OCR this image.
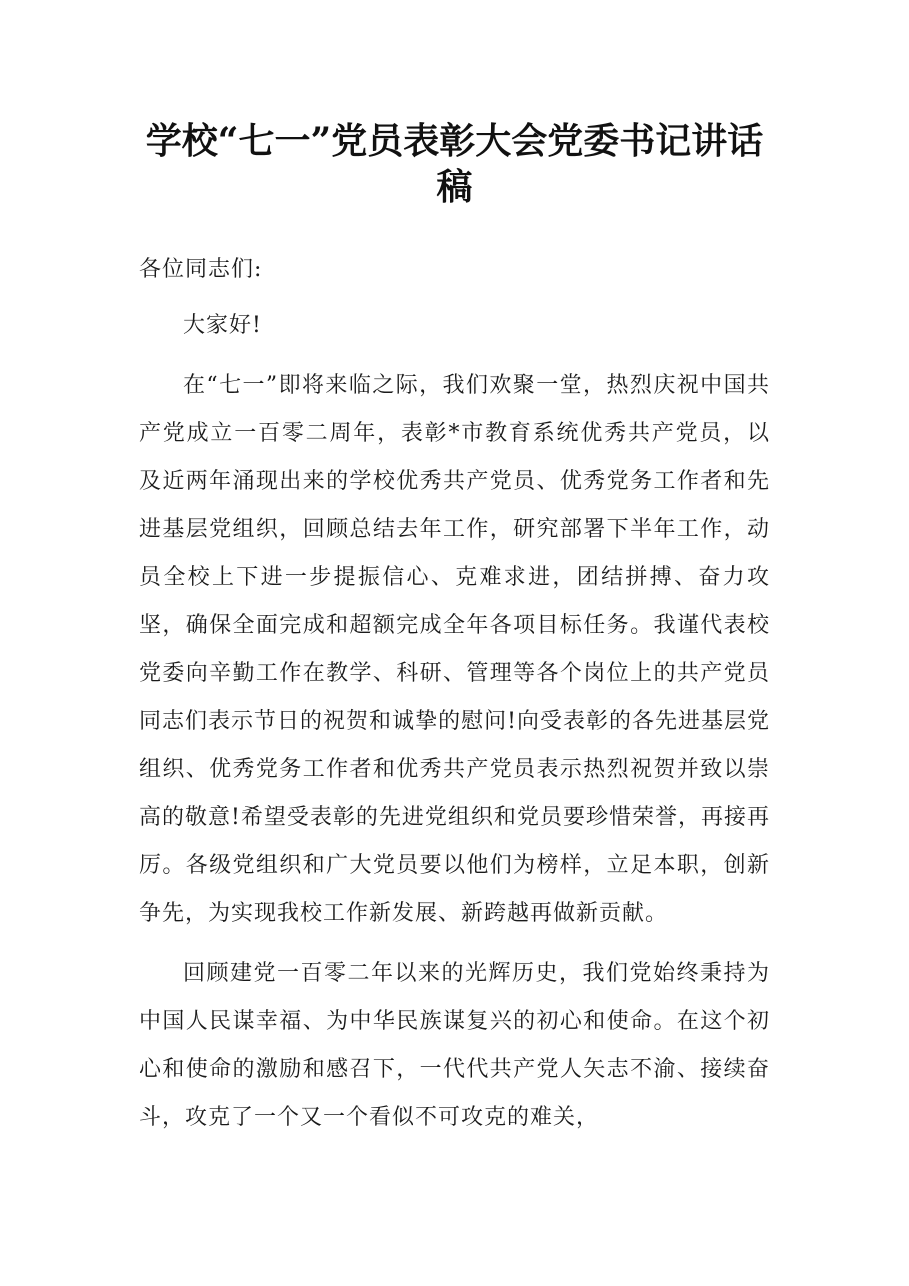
学校“七一”党员表彰大会党委书记讲话稿

各位同志们:

大家好!

在“七一”即将来临之际，我们欢聚一堂，热烈庆祝中国共产党成立一百零二周年，表彰*市教育系统优秀共产党员，以及近两年涌现出来的学校优秀共产党员、优秀党务工作者和先进基层党组织，回顾总结去年工作，研究部署下半年工作，动员全校上下进一步提振信心、克难求进，团结拼搏、奋力攻坚，确保全面完成和超额完成全年各项目标任务。我谨代表校党委向辛勤工作在教学、科研、管理等各个岗位上的共产党员同志们表示节日的祝贺和诚挚的慰问!向受表彰的各先进基层党组织、优秀党务工作者和优秀共产党员表示热烈祝贺并致以崇高的敬意!希望受表彰的先进党组织和党员要珍惜荣誉，再接再厉。各级党组织和广大党员要以他们为榜样，立足本职，创新争先，为实现我校工作新发展、新跨越再做新贡献。

回顾建党一百零二年以来的光辉历史，我们党始终秉持为中国人民谋幸福、为中华民族谋复兴的初心和使命。在这个初心和使命的激励和感召下，一代代共产党人矢志不渝、接续奋斗，攻克了一个又一个看似不可攻克的难关，
